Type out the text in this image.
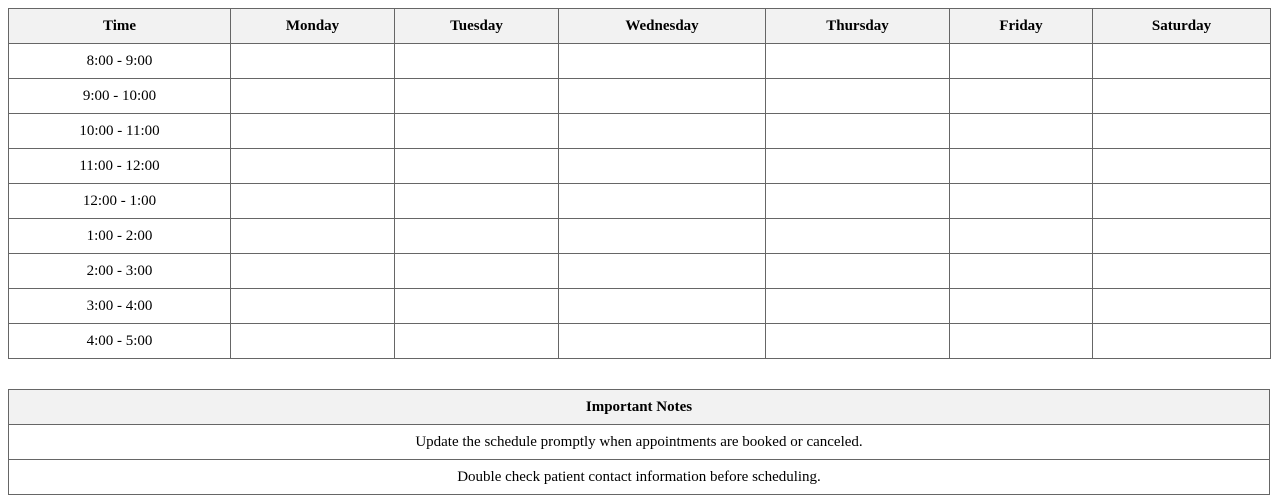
Time	Monday	Tuesday	Wednesday	Thursday	Friday	Saturday
8:00 - 9:00						
9:00 - 10:00						
10:00 - 11:00						
11:00 - 12:00						
12:00 - 1:00						
1:00 - 2:00						
2:00 - 3:00						
3:00 - 4:00						
4:00 - 5:00						
Important Notes
Update the schedule promptly when appointments are booked or canceled.
Double check patient contact information before scheduling.
